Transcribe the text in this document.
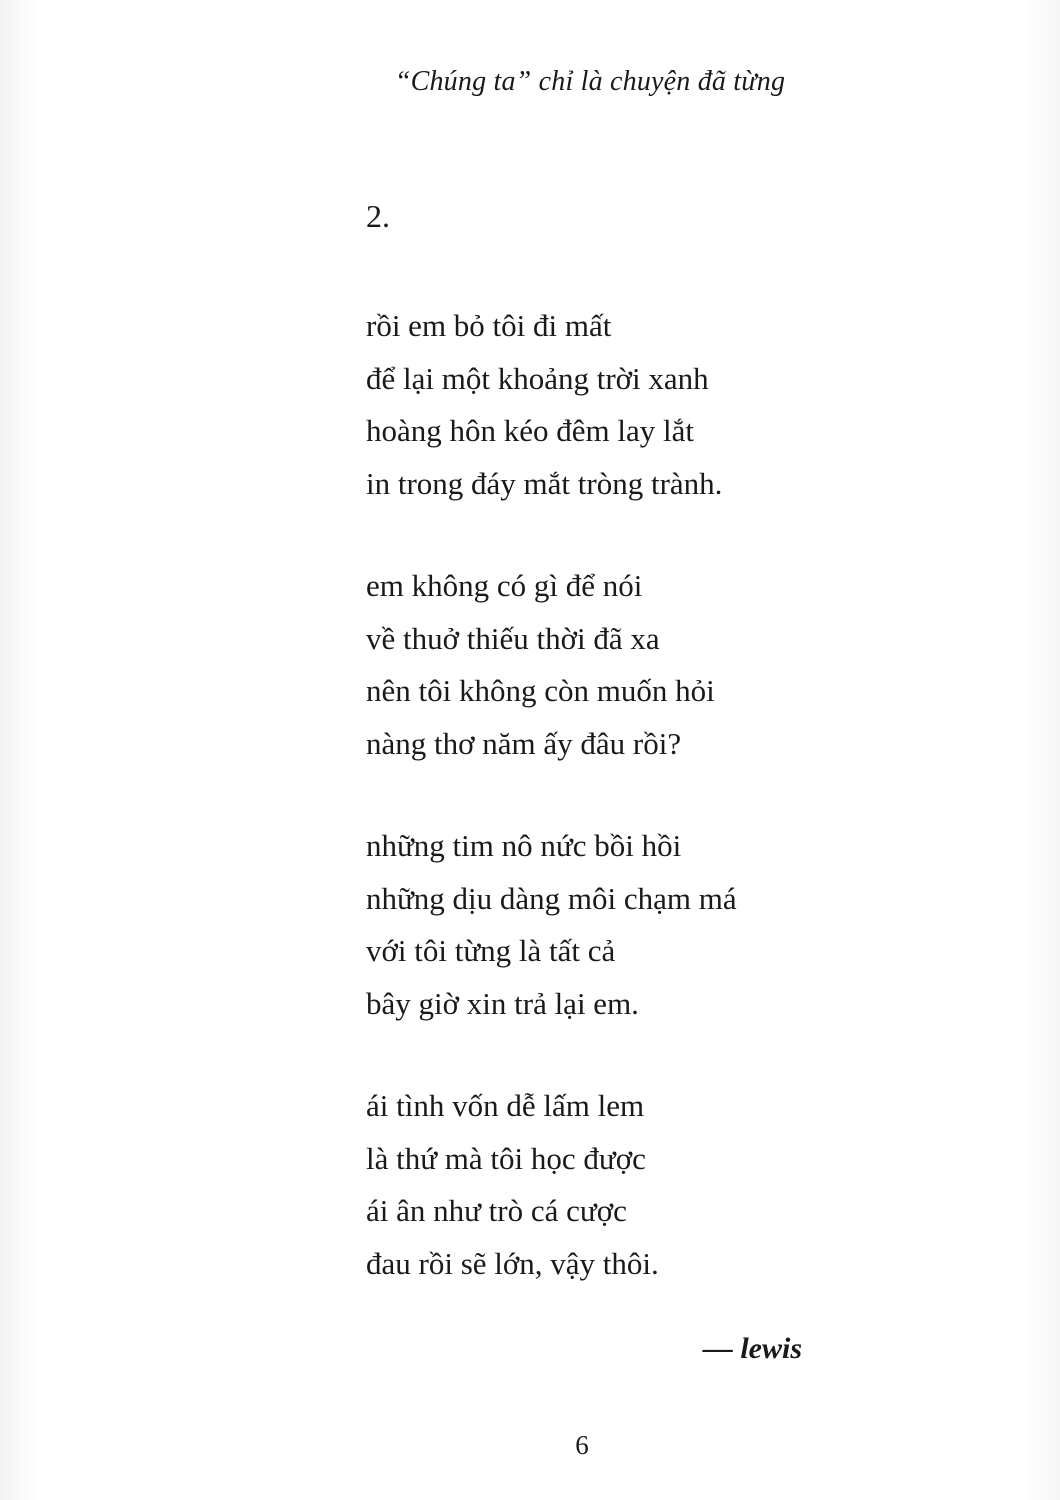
“Chúng ta” chỉ là chuyện đã từng
2.
rồi em bỏ tôi đi mất
để lại một khoảng trời xanh
hoàng hôn kéo đêm lay lắt
in trong đáy mắt tròng trành.
em không có gì để nói
về thuở thiếu thời đã xa
nên tôi không còn muốn hỏi
nàng thơ năm ấy đâu rồi?
những tim nô nức bồi hồi
những dịu dàng môi chạm má
với tôi từng là tất cả
bây giờ xin trả lại em.
ái tình vốn dễ lấm lem
là thứ mà tôi học được
ái ân như trò cá cược
đau rồi sẽ lớn, vậy thôi.
— lewis
6
